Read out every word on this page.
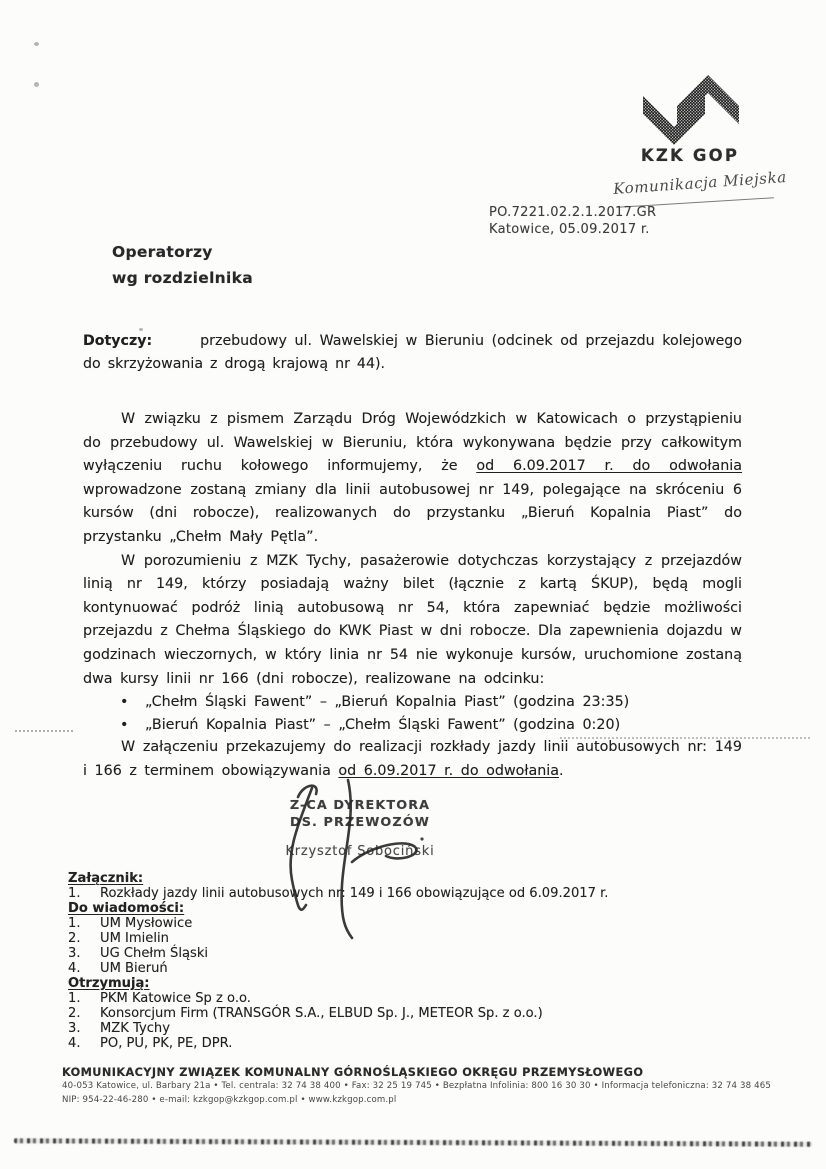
KZK GOP
Komunikacja Miejska
PO.7221.02.2.1.2017.GR
Katowice, 05.09.2017 r.
Operatorzy
wg rozdzielnika
Dotyczy:	przebudowy ul. Wawelskiej w Bieruniu (odcinek od przejazdu kolejowego do skrzyżowania z drogą krajową nr 44).

W związku z pismem Zarządu Dróg Wojewódzkich w Katowicach o przystąpieniu do przebudowy ul. Wawelskiej w Bieruniu, która wykonywana będzie przy całkowitym wyłączeniu ruchu kołowego informujemy, że od 6.09.2017 r. do odwołania wprowadzone zostaną zmiany dla linii autobusowej nr 149, polegające na skróceniu 6 kursów (dni robocze), realizowanych do przystanku „Bieruń Kopalnia Piast” do przystanku „Chełm Mały Pętla”.

W porozumieniu z MZK Tychy, pasażerowie dotychczas korzystający z przejazdów linią nr 149, którzy posiadają ważny bilet (łącznie z kartą ŚKUP), będą mogli kontynuować podróż linią autobusową nr 54, która zapewniać będzie możliwości przejazdu z Chełma Śląskiego do KWK Piast w dni robocze. Dla zapewnienia dojazdu w godzinach wieczornych, w który linia nr 54 nie wykonuje kursów, uruchomione zostaną dwa kursy linii nr 166 (dni robocze), realizowane na odcinku:

• „Chełm Śląski Fawent” – „Bieruń Kopalnia Piast” (godzina 23:35)
• „Bieruń Kopalnia Piast” – „Chełm Śląski Fawent” (godzina 0:20)

W załączeniu przekazujemy do realizacji rozkłady jazdy linii autobusowych nr: 149 i 166 z terminem obowiązywania od 6.09.2017 r. do odwołania.

Z-CA DYREKTORA
DS. PRZEWOZÓW
Krzysztof Sobociński
Załącznik:
1.	Rozkłady jazdy linii autobusowych nr: 149 i 166 obowiązujące od 6.09.2017 r.
Do wiadomości:
1.	UM Mysłowice
2.	UM Imielin
3.	UG Chełm Śląski
4.	UM Bieruń
Otrzymują:
1.	PKM Katowice Sp z o.o.
2.	Konsorcjum Firm (TRANSGÓR S.A., ELBUD Sp. J., METEOR Sp. z o.o.)
3.	MZK Tychy
4.	PO, PU, PK, PE, DPR.
KOMUNIKACYJNY ZWIĄZEK KOMUNALNY GÓRNOŚLĄSKIEGO OKRĘGU PRZEMYSŁOWEGO
40-053 Katowice, ul. Barbary 21a • Tel. centrala: 32 74 38 400 • Fax: 32 25 19 745 • Bezpłatna Infolinia: 800 16 30 30 • Informacja telefoniczna: 32 74 38 465
NIP: 954-22-46-280 • e-mail: kzkgop@kzkgop.com.pl • www.kzkgop.com.pl
